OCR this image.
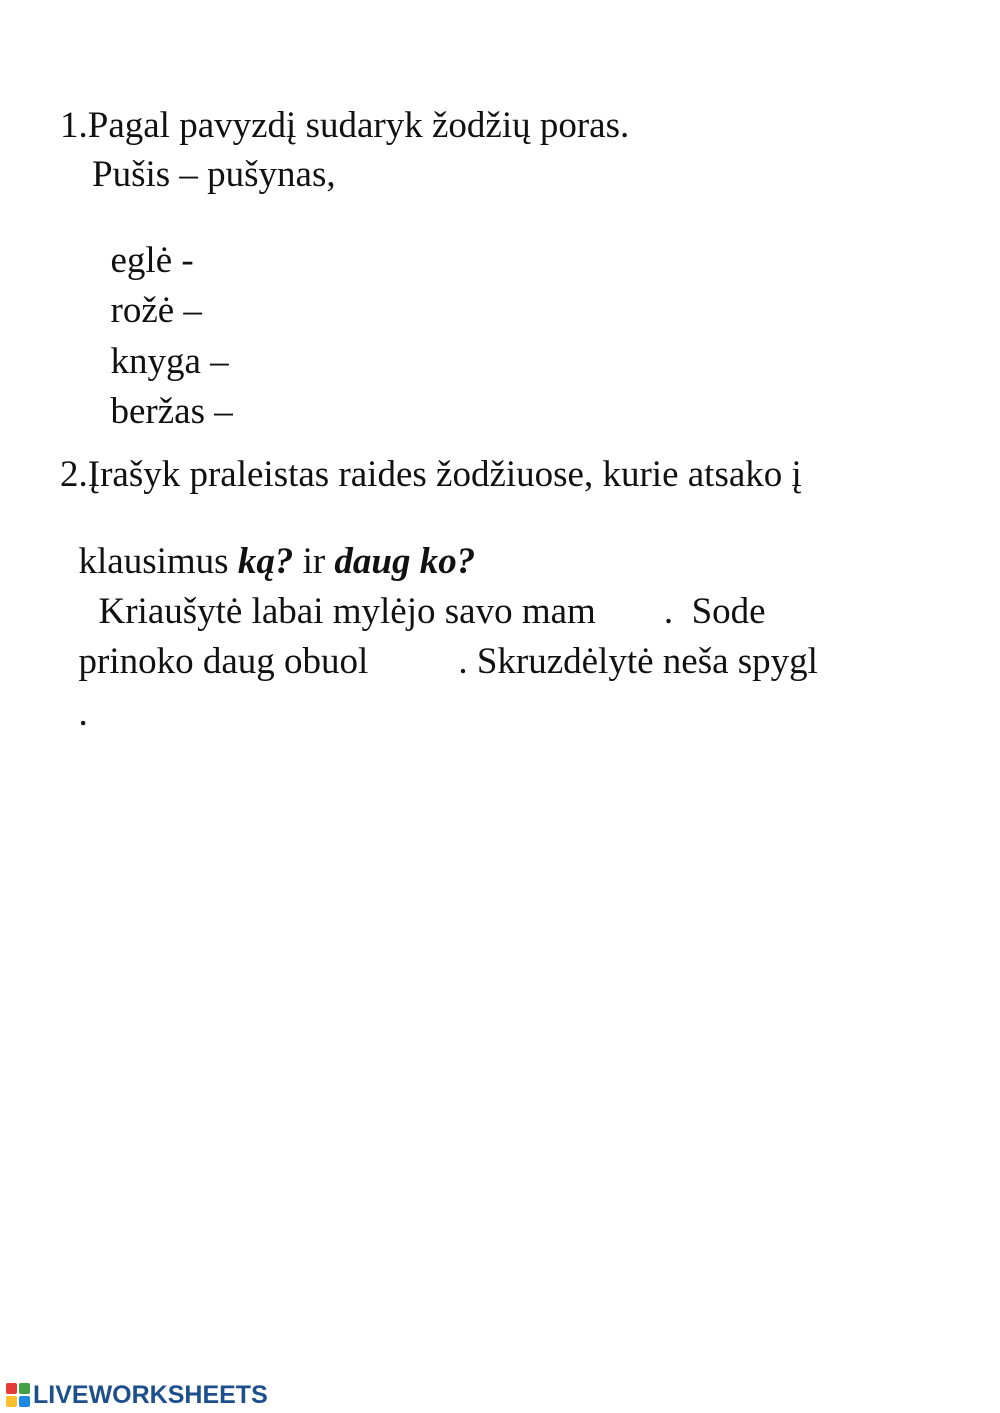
1.Pagal pavyzdį sudaryk žodžių poras.
Pušis – pušynas,

eglė -

rožė –

knyga –

beržas –

2.Įrašyk praleistas raides žodžiuose, kurie atsako į

klausimus ką? ir daug ko?

Kriaušytė labai mylėjo savo mam .  Sode

prinoko daug obuol . Skruzdėlytė neša spygl

.

LIVEWORKSHEETS
